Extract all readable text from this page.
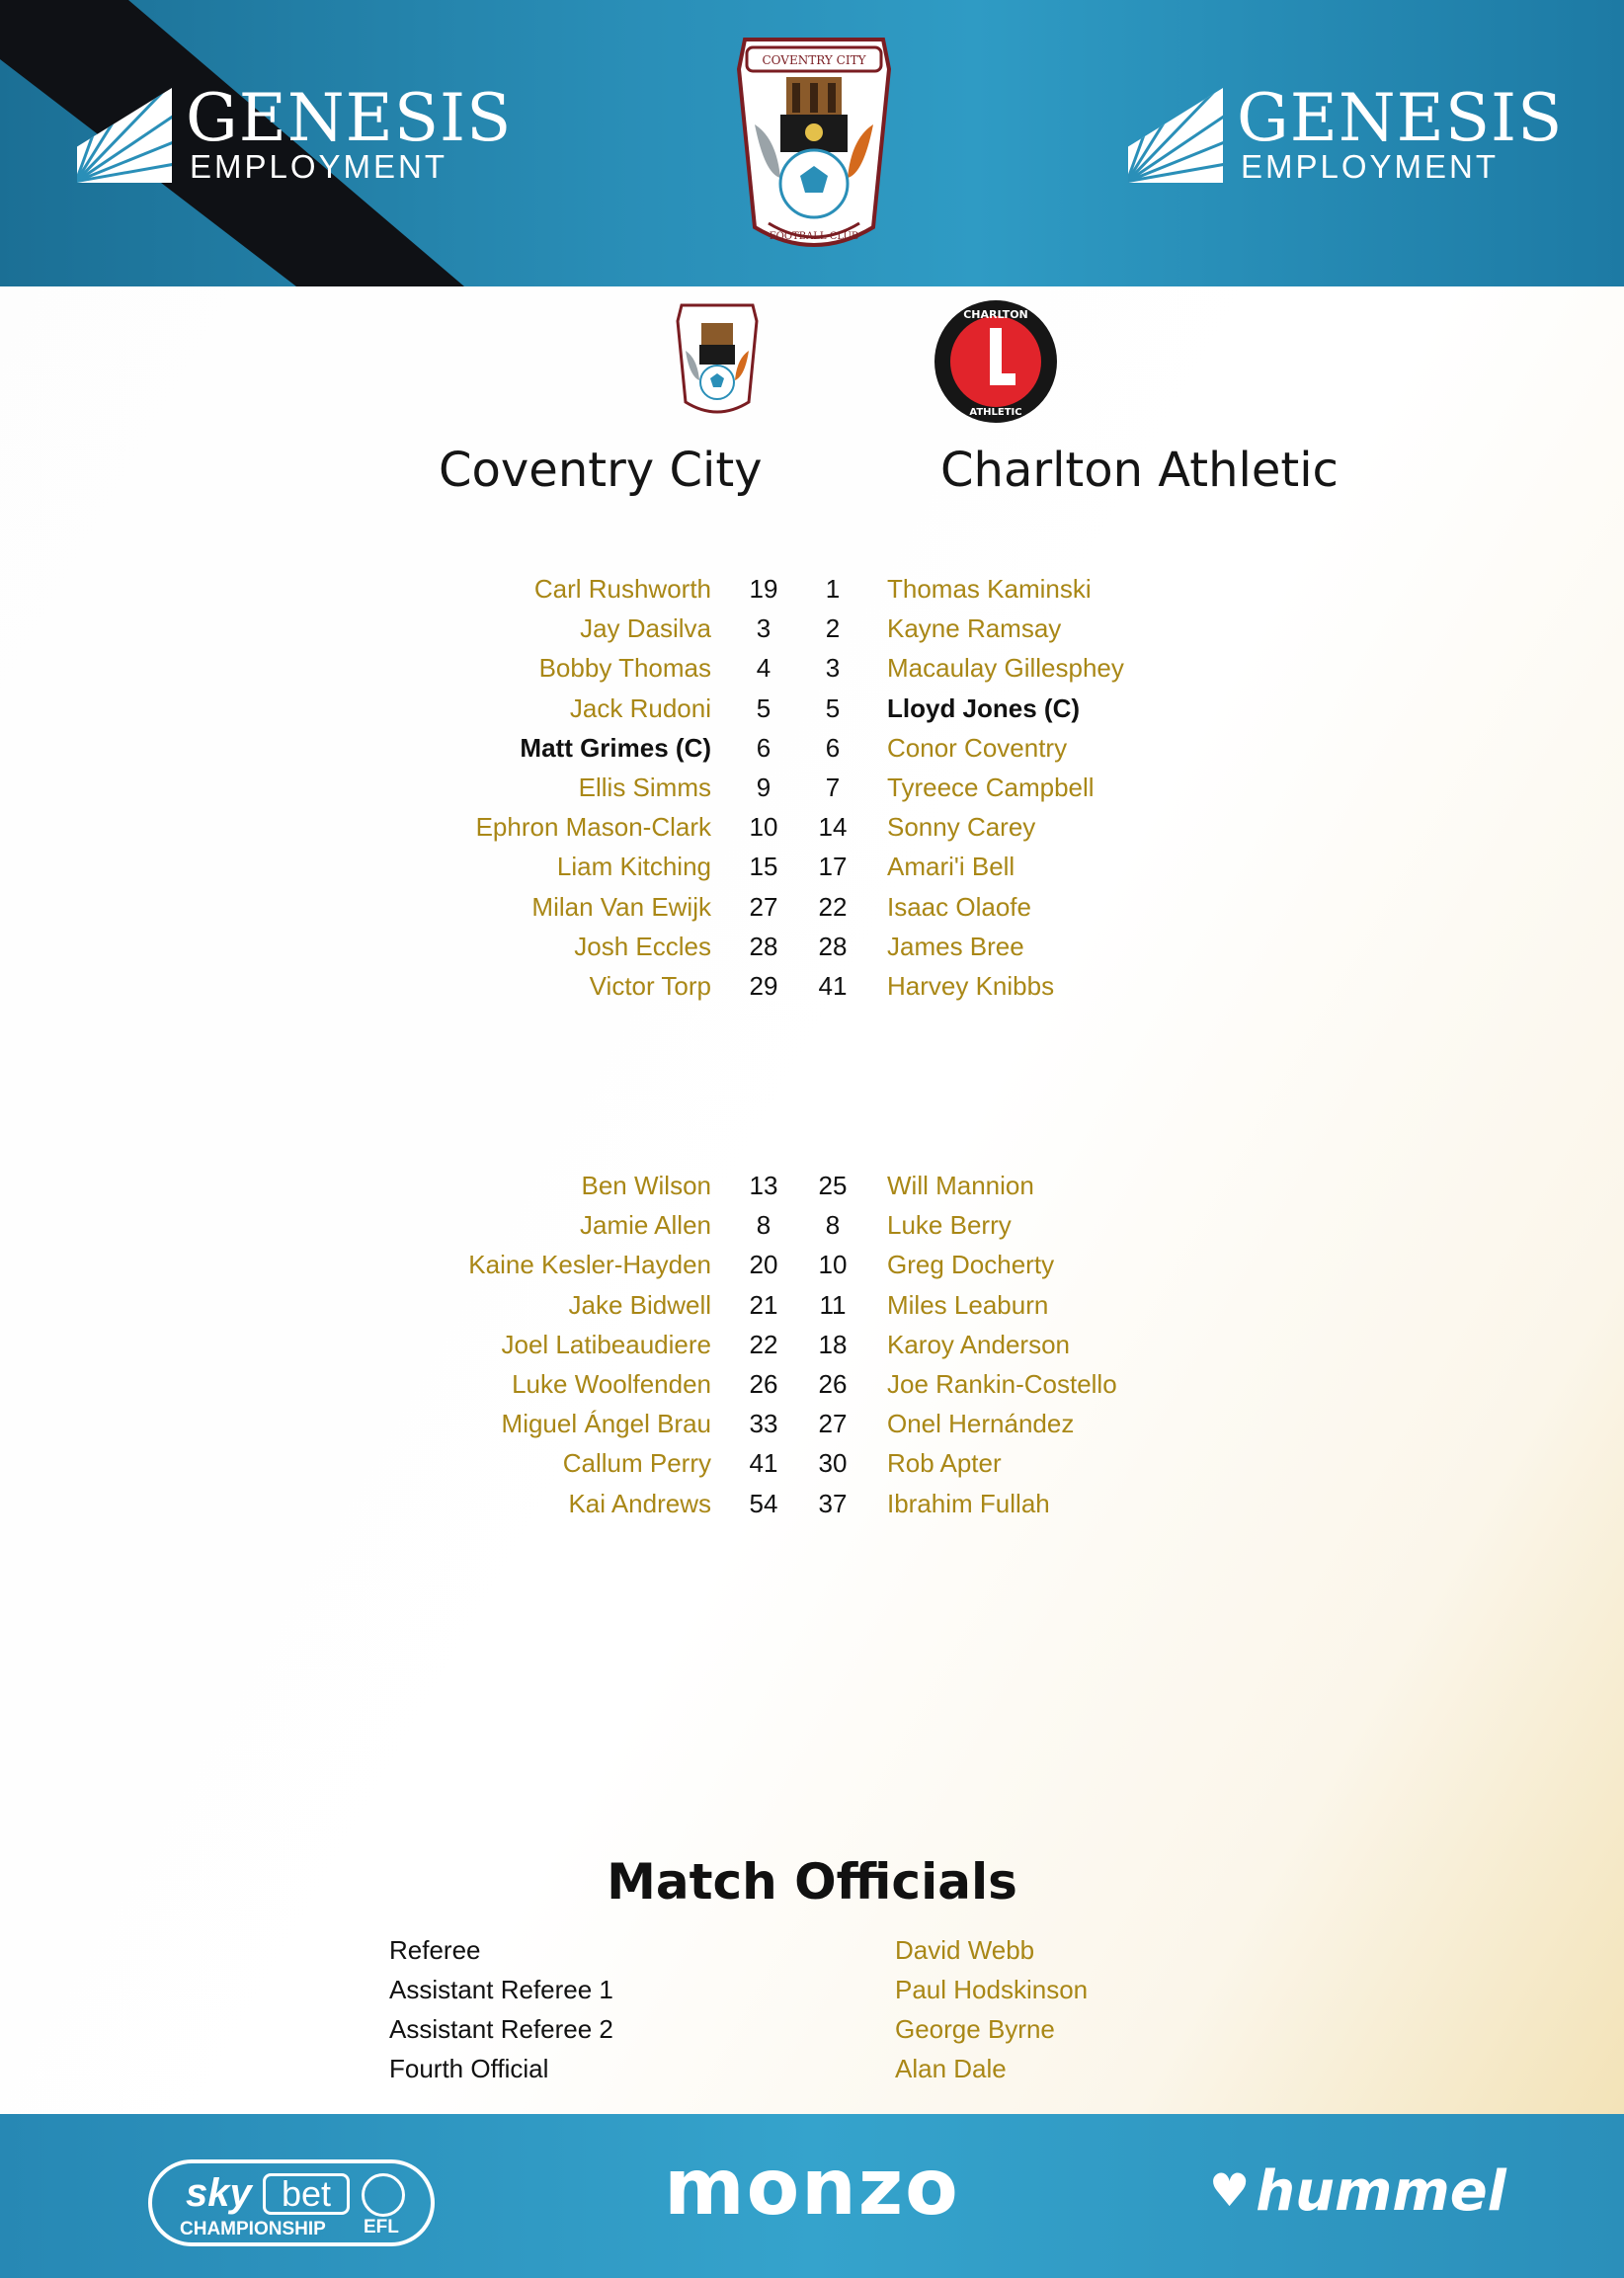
GENESIS
EMPLOYMENT
COVENTRY CITY
FOOTBALL CLUB
GENESIS
EMPLOYMENT
CHARLTON
ATHLETIC
Coventry City	Charlton Athletic
Carl Rushworth	19	1	Thomas Kaminski
Jay Dasilva	3	2	Kayne Ramsay
Bobby Thomas	4	3	Macaulay Gillesphey
Jack Rudoni	5	5	Lloyd Jones (C)
Matt Grimes (C)	6	6	Conor Coventry
Ellis Simms	9	7	Tyreece Campbell
Ephron Mason-Clark	10	14	Sonny Carey
Liam Kitching	15	17	Amari'i Bell
Milan Van Ewijk	27	22	Isaac Olaofe
Josh Eccles	28	28	James Bree
Victor Torp	29	41	Harvey Knibbs
Ben Wilson	13	25	Will Mannion
Jamie Allen	8	8	Luke Berry
Kaine Kesler-Hayden	20	10	Greg Docherty
Jake Bidwell	21	11	Miles Leaburn
Joel Latibeaudiere	22	18	Karoy Anderson
Luke Woolfenden	26	26	Joe Rankin-Costello
Miguel Ángel Brau	33	27	Onel Hernández
Callum Perry	41	30	Rob Apter
Kai Andrews	54	37	Ibrahim Fullah
Match Officials
Referee	David Webb
Assistant Referee 1	Paul Hodskinson
Assistant Referee 2	George Byrne
Fourth Official	Alan Dale
sky bet
CHAMPIONSHIP EFL	monzo	♥ hummel
